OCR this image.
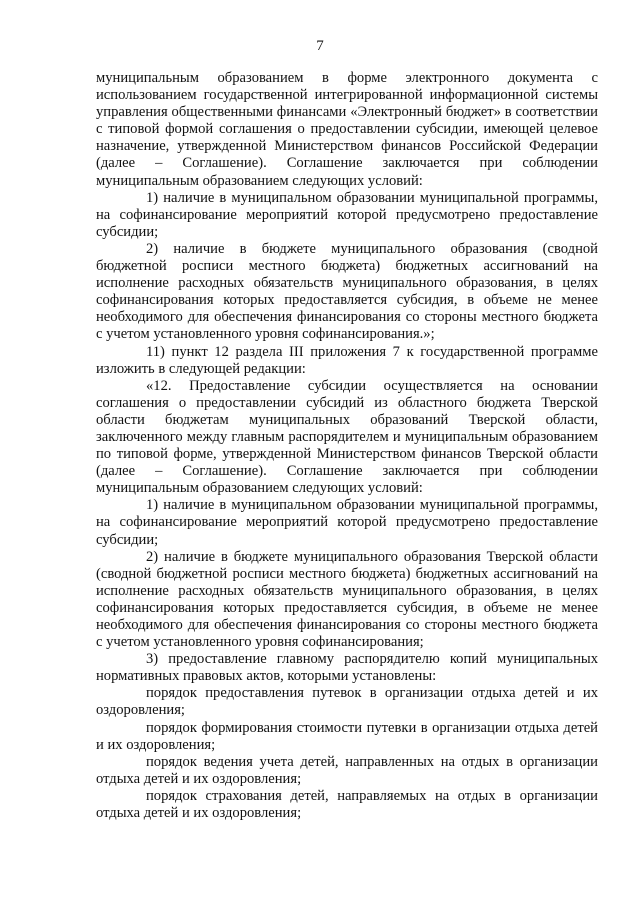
7

муниципальным образованием в форме электронного документа с использованием государственной интегрированной информационной системы управления общественными финансами «Электронный бюджет» в соответствии с типовой формой соглашения о предоставлении субсидии, имеющей целевое назначение, утвержденной Министерством финансов Российской Федерации (далее – Соглашение). Соглашение заключается при соблюдении муниципальным образованием следующих условий:

1) наличие в муниципальном образовании муниципальной программы, на софинансирование мероприятий которой предусмотрено предоставление субсидии;

2) наличие в бюджете муниципального образования (сводной бюджетной росписи местного бюджета) бюджетных ассигнований на исполнение расходных обязательств муниципального образования, в целях софинансирования которых предоставляется субсидия, в объеме не менее необходимого для обеспечения финансирования со стороны местного бюджета с учетом установленного уровня софинансирования.»;

11) пункт 12 раздела III приложения 7 к государственной программе изложить в следующей редакции:

«12. Предоставление субсидии осуществляется на основании соглашения о предоставлении субсидий из областного бюджета Тверской области бюджетам муниципальных образований Тверской области, заключенного между главным распорядителем и муниципальным образованием по типовой форме, утвержденной Министерством финансов Тверской области (далее – Соглашение). Соглашение заключается при соблюдении муниципальным образованием следующих условий:

1) наличие в муниципальном образовании муниципальной программы, на софинансирование мероприятий которой предусмотрено предоставление субсидии;

2) наличие в бюджете муниципального образования Тверской области (сводной бюджетной росписи местного бюджета) бюджетных ассигнований на исполнение расходных обязательств муниципального образования, в целях софинансирования которых предоставляется субсидия, в объеме не менее необходимого для обеспечения финансирования со стороны местного бюджета с учетом установленного уровня софинансирования;

3) предоставление главному распорядителю копий муниципальных нормативных правовых актов, которыми установлены:

порядок предоставления путевок в организации отдыха детей и их оздоровления;

порядок формирования стоимости путевки в организации отдыха детей и их оздоровления;

порядок ведения учета детей, направленных на отдых в организации отдыха детей и их оздоровления;

порядок страхования детей, направляемых на отдых в организации отдыха детей и их оздоровления;
